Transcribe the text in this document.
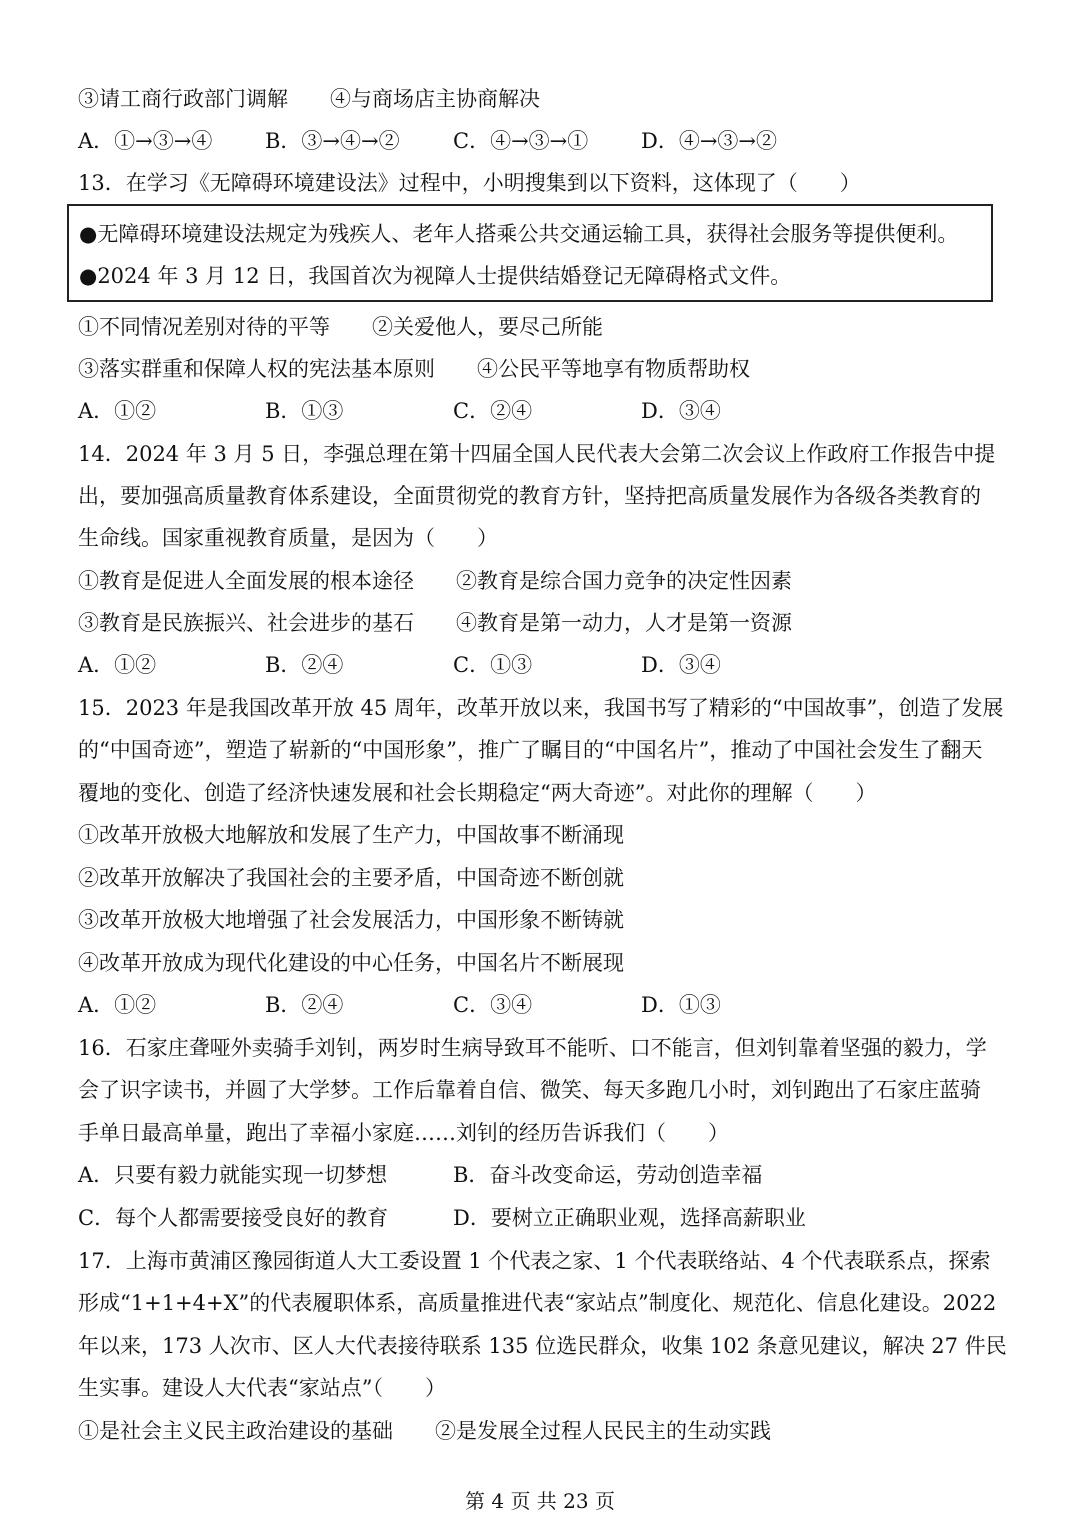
③请工商行政部门调解　　④与商场店主协商解决
A．①→③→④	B．③→④→②	C．④→③→①	D．④→③→②
13．在学习《无障碍环境建设法》过程中，小明搜集到以下资料，这体现了（　　）
●无障碍环境建设法规定为残疾人、老年人搭乘公共交通运输工具，获得社会服务等提供便利。
●2024 年 3 月 12 日，我国首次为视障人士提供结婚登记无障碍格式文件。
①不同情况差别对待的平等　　②关爱他人，要尽己所能
③落实群重和保障人权的宪法基本原则　　④公民平等地享有物质帮助权
A．①②	B．①③	C．②④	D．③④
14．2024 年 3 月 5 日，李强总理在第十四届全国人民代表大会第二次会议上作政府工作报告中提
出，要加强高质量教育体系建设，全面贯彻党的教育方针，坚持把高质量发展作为各级各类教育的
生命线。国家重视教育质量，是因为（　　）
①教育是促进人全面发展的根本途径　　②教育是综合国力竞争的决定性因素
③教育是民族振兴、社会进步的基石　　④教育是第一动力，人才是第一资源
A．①②	B．②④	C．①③	D．③④
15．2023 年是我国改革开放 45 周年，改革开放以来，我国书写了精彩的“中国故事”，创造了发展
的“中国奇迹”，塑造了崭新的“中国形象”，推广了瞩目的“中国名片”，推动了中国社会发生了翻天
覆地的变化、创造了经济快速发展和社会长期稳定“两大奇迹”。对此你的理解（　　）
①改革开放极大地解放和发展了生产力，中国故事不断涌现
②改革开放解决了我国社会的主要矛盾，中国奇迹不断创就
③改革开放极大地增强了社会发展活力，中国形象不断铸就
④改革开放成为现代化建设的中心任务，中国名片不断展现
A．①②	B．②④	C．③④	D．①③
16．石家庄聋哑外卖骑手刘钊，两岁时生病导致耳不能听、口不能言，但刘钊靠着坚强的毅力，学
会了识字读书，并圆了大学梦。工作后靠着自信、微笑、每天多跑几小时，刘钊跑出了石家庄蓝骑
手单日最高单量，跑出了幸福小家庭……刘钊的经历告诉我们（　　）
A．只要有毅力就能实现一切梦想	B．奋斗改变命运，劳动创造幸福
C．每个人都需要接受良好的教育	D．要树立正确职业观，选择高薪职业
17．上海市黄浦区豫园街道人大工委设置 1 个代表之家、1 个代表联络站、4 个代表联系点，探索
形成“1+1+4+X”的代表履职体系，高质量推进代表“家站点”制度化、规范化、信息化建设。2022
年以来，173 人次市、区人大代表接待联系 135 位选民群众，收集 102 条意见建议，解决 27 件民
生实事。建设人大代表“家站点”（　　）
①是社会主义民主政治建设的基础　　②是发展全过程人民民主的生动实践
第 4 页 共 23 页
